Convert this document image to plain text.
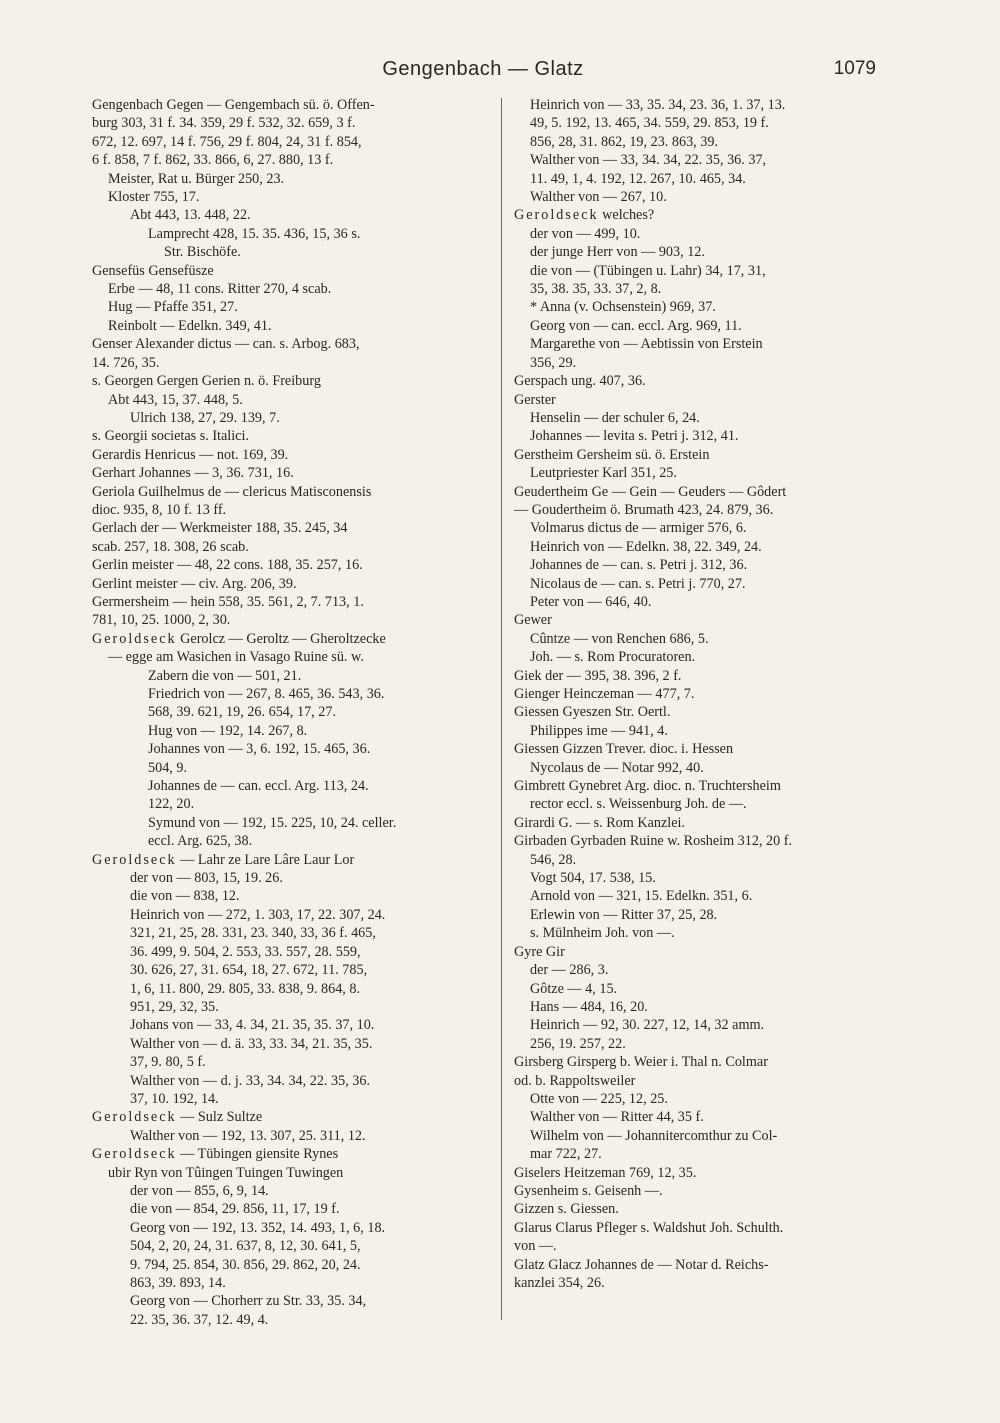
Gengenbach — Glatz	1079
Gengenbach Gegen — Gengembach sü. ö. Offen-
burg 303, 31 f. 34. 359, 29 f. 532, 32. 659, 3 f.
672, 12. 697, 14 f. 756, 29 f. 804, 24, 31 f. 854,
6 f. 858, 7 f. 862, 33. 866, 6, 27. 880, 13 f.
Meister, Rat u. Bürger 250, 23.
Kloster 755, 17.
Abt 443, 13. 448, 22.
Lamprecht 428, 15. 35. 436, 15, 36 s.
Str. Bischöfe.
Gensefüs Gensefüsze
Erbe — 48, 11 cons. Ritter 270, 4 scab.
Hug — Pfaffe 351, 27.
Reinbolt — Edelkn. 349, 41.
Genser Alexander dictus — can. s. Arbog. 683,
14. 726, 35.
s. Georgen Gergen Gerien n. ö. Freiburg
Abt 443, 15, 37. 448, 5.
Ulrich 138, 27, 29. 139, 7.
s. Georgii societas s. Italici.
Gerardis Henricus — not. 169, 39.
Gerhart Johannes — 3, 36. 731, 16.
Geriola Guilhelmus de — clericus Matisconensis
dioc. 935, 8, 10 f. 13 ff.
Gerlach der — Werkmeister 188, 35. 245, 34
scab. 257, 18. 308, 26 scab.
Gerlin meister — 48, 22 cons. 188, 35. 257, 16.
Gerlint meister — civ. Arg. 206, 39.
Germersheim — hein 558, 35. 561, 2, 7. 713, 1.
781, 10, 25. 1000, 2, 30.
Geroldseck Gerolcz — Geroltz — Gheroltzecke
— egge am Wasichen in Vasago Ruine sü. w.
Zabern die von — 501, 21.
Friedrich von — 267, 8. 465, 36. 543, 36.
568, 39. 621, 19, 26. 654, 17, 27.
Hug von — 192, 14. 267, 8.
Johannes von — 3, 6. 192, 15. 465, 36.
504, 9.
Johannes de — can. eccl. Arg. 113, 24.
122, 20.
Symund von — 192, 15. 225, 10, 24. celler.
eccl. Arg. 625, 38.
Geroldseck — Lahr ze Lare Lâre Laur Lor
der von — 803, 15, 19. 26.
die von — 838, 12.
Heinrich von — 272, 1. 303, 17, 22. 307, 24.
321, 21, 25, 28. 331, 23. 340, 33, 36 f. 465,
36. 499, 9. 504, 2. 553, 33. 557, 28. 559,
30. 626, 27, 31. 654, 18, 27. 672, 11. 785,
1, 6, 11. 800, 29. 805, 33. 838, 9. 864, 8.
951, 29, 32, 35.
Johans von — 33, 4. 34, 21. 35, 35. 37, 10.
Walther von — d. ä. 33, 33. 34, 21. 35, 35.
37, 9. 80, 5 f.
Walther von — d. j. 33, 34. 34, 22. 35, 36.
37, 10. 192, 14.
Geroldseck — Sulz Sultze
Walther von — 192, 13. 307, 25. 311, 12.
Geroldseck — Tübingen giensite Rynes
ubir Ryn von Tûingen Tuingen Tuwingen
der von — 855, 6, 9, 14.
die von — 854, 29. 856, 11, 17, 19 f.
Georg von — 192, 13. 352, 14. 493, 1, 6, 18.
504, 2, 20, 24, 31. 637, 8, 12, 30. 641, 5,
9. 794, 25. 854, 30. 856, 29. 862, 20, 24.
863, 39. 893, 14.
Georg von — Chorherr zu Str. 33, 35. 34,
22. 35, 36. 37, 12. 49, 4.
Heinrich von — 33, 35. 34, 23. 36, 1. 37, 13.
49, 5. 192, 13. 465, 34. 559, 29. 853, 19 f.
856, 28, 31. 862, 19, 23. 863, 39.
Walther von — 33, 34. 34, 22. 35, 36. 37,
11. 49, 1, 4. 192, 12. 267, 10. 465, 34.
Walther von — 267, 10.
Geroldseck welches?
der von — 499, 10.
der junge Herr von — 903, 12.
die von — (Tübingen u. Lahr) 34, 17, 31,
35, 38. 35, 33. 37, 2, 8.
* Anna (v. Ochsenstein) 969, 37.
Georg von — can. eccl. Arg. 969, 11.
Margarethe von — Aebtissin von Erstein
356, 29.
Gerspach ung. 407, 36.
Gerster
Henselin — der schuler 6, 24.
Johannes — levita s. Petri j. 312, 41.
Gerstheim Gersheim sü. ö. Erstein
Leutpriester Karl 351, 25.
Geudertheim Ge — Gein — Geuders — Gôdert
— Goudertheim ö. Brumath 423, 24. 879, 36.
Volmarus dictus de — armiger 576, 6.
Heinrich von — Edelkn. 38, 22. 349, 24.
Johannes de — can. s. Petri j. 312, 36.
Nicolaus de — can. s. Petri j. 770, 27.
Peter von — 646, 40.
Gewer
Cûntze — von Renchen 686, 5.
Joh. — s. Rom Procuratoren.
Giek der — 395, 38. 396, 2 f.
Gienger Heinczeman — 477, 7.
Giessen Gyeszen Str. Oertl.
Philippes ime — 941, 4.
Giessen Gizzen Trever. dioc. i. Hessen
Nycolaus de — Notar 992, 40.
Gimbrett Gynebret Arg. dioc. n. Truchtersheim
rector eccl. s. Weissenburg Joh. de —.
Girardi G. — s. Rom Kanzlei.
Girbaden Gyrbaden Ruine w. Rosheim 312, 20 f.
546, 28.
Vogt 504, 17. 538, 15.
Arnold von — 321, 15. Edelkn. 351, 6.
Erlewin von — Ritter 37, 25, 28.
s. Mülnheim Joh. von —.
Gyre Gir
der — 286, 3.
Gôtze — 4, 15.
Hans — 484, 16, 20.
Heinrich — 92, 30. 227, 12, 14, 32 amm.
256, 19. 257, 22.
Girsberg Girsperg b. Weier i. Thal n. Colmar
od. b. Rappoltsweiler
Otte von — 225, 12, 25.
Walther von — Ritter 44, 35 f.
Wilhelm von — Johannitercomthur zu Col-
mar 722, 27.
Giselers Heitzeman 769, 12, 35.
Gysenheim s. Geisenh —.
Gizzen s. Giessen.
Glarus Clarus Pfleger s. Waldshut Joh. Schulth.
von —.
Glatz Glacz Johannes de — Notar d. Reichs-
kanzlei 354, 26.
